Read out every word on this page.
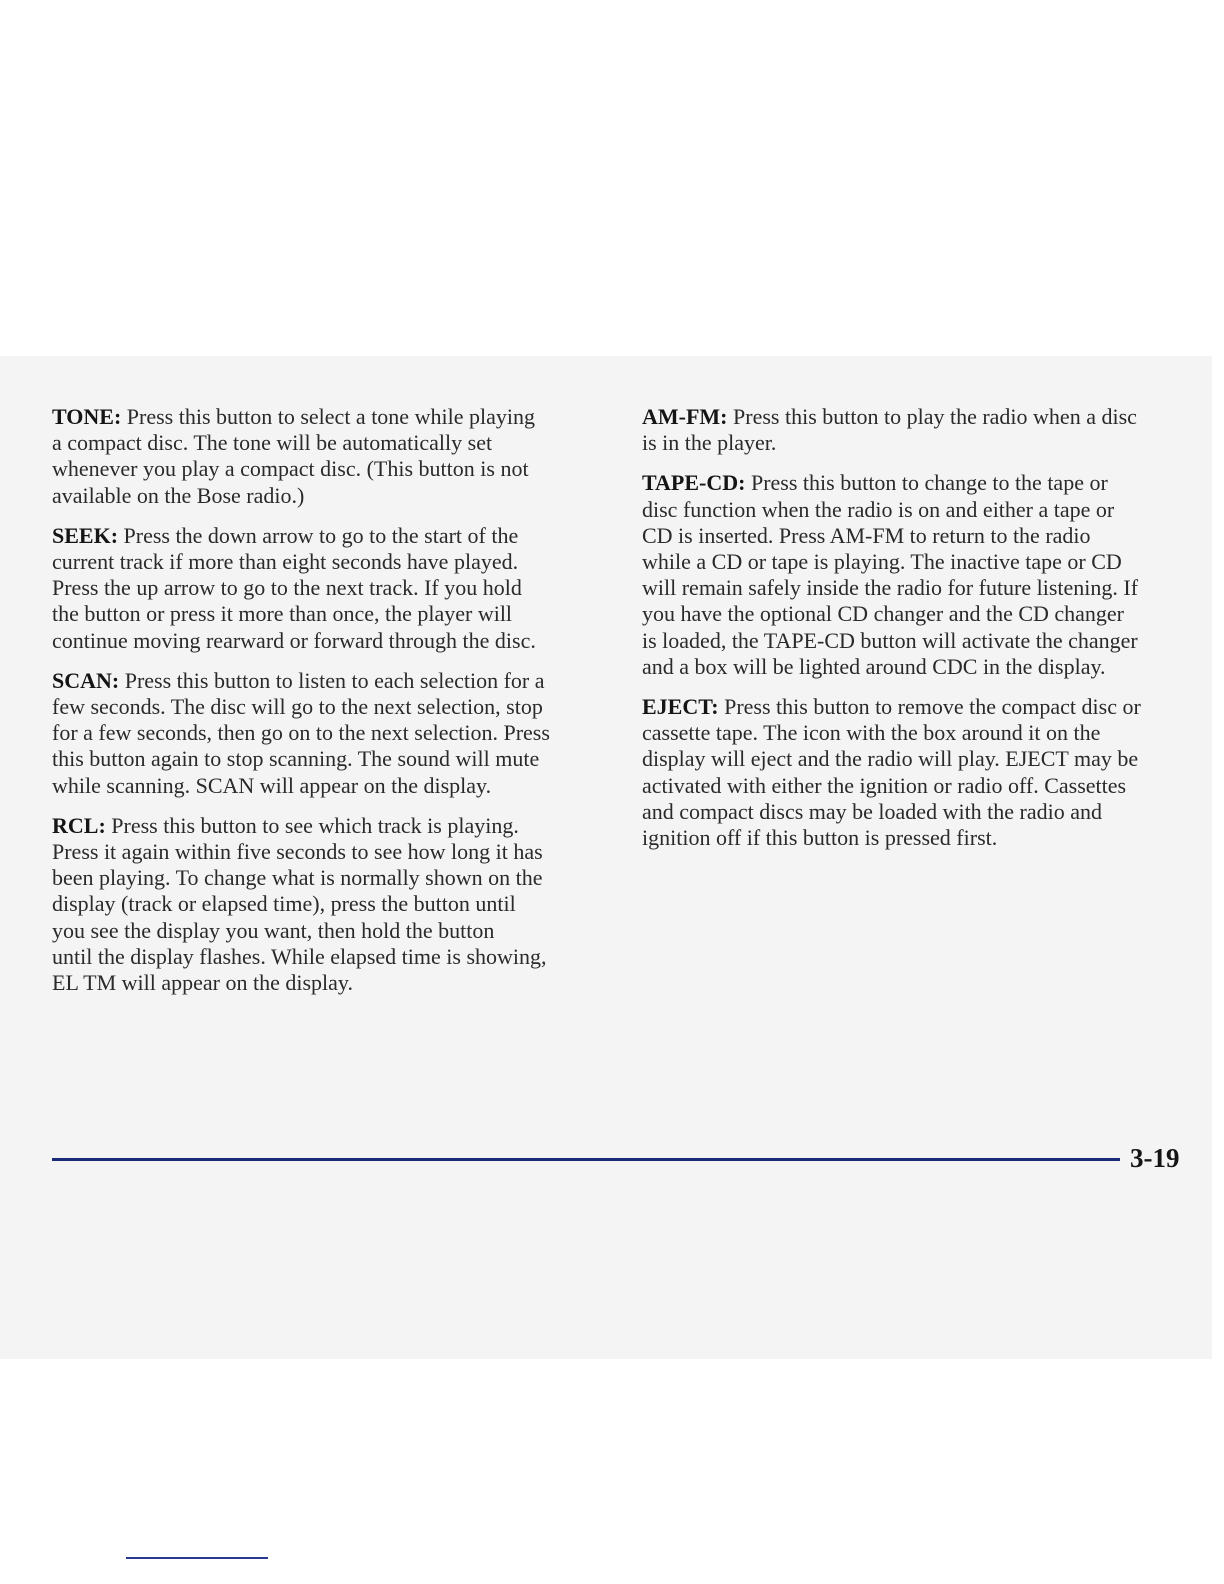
TONE: Press this button to select a tone while playing
a compact disc. The tone will be automatically set
whenever you play a compact disc. (This button is not
available on the Bose radio.)

SEEK: Press the down arrow to go to the start of the
current track if more than eight seconds have played.
Press the up arrow to go to the next track. If you hold
the button or press it more than once, the player will
continue moving rearward or forward through the disc.

SCAN: Press this button to listen to each selection for a
few seconds. The disc will go to the next selection, stop
for a few seconds, then go on to the next selection. Press
this button again to stop scanning. The sound will mute
while scanning. SCAN will appear on the display.

RCL: Press this button to see which track is playing.
Press it again within five seconds to see how long it has
been playing. To change what is normally shown on the
display (track or elapsed time), press the button until
you see the display you want, then hold the button
until the display flashes. While elapsed time is showing,
EL TM will appear on the display.

AM-FM: Press this button to play the radio when a disc
is in the player.

TAPE-CD: Press this button to change to the tape or
disc function when the radio is on and either a tape or
CD is inserted. Press AM-FM to return to the radio
while a CD or tape is playing. The inactive tape or CD
will remain safely inside the radio for future listening. If
you have the optional CD changer and the CD changer
is loaded, the TAPE-CD button will activate the changer
and a box will be lighted around CDC in the display.

EJECT: Press this button to remove the compact disc or
cassette tape. The icon with the box around it on the
display will eject and the radio will play. EJECT may be
activated with either the ignition or radio off. Cassettes
and compact discs may be loaded with the radio and
ignition off if this button is pressed first.

3-19
